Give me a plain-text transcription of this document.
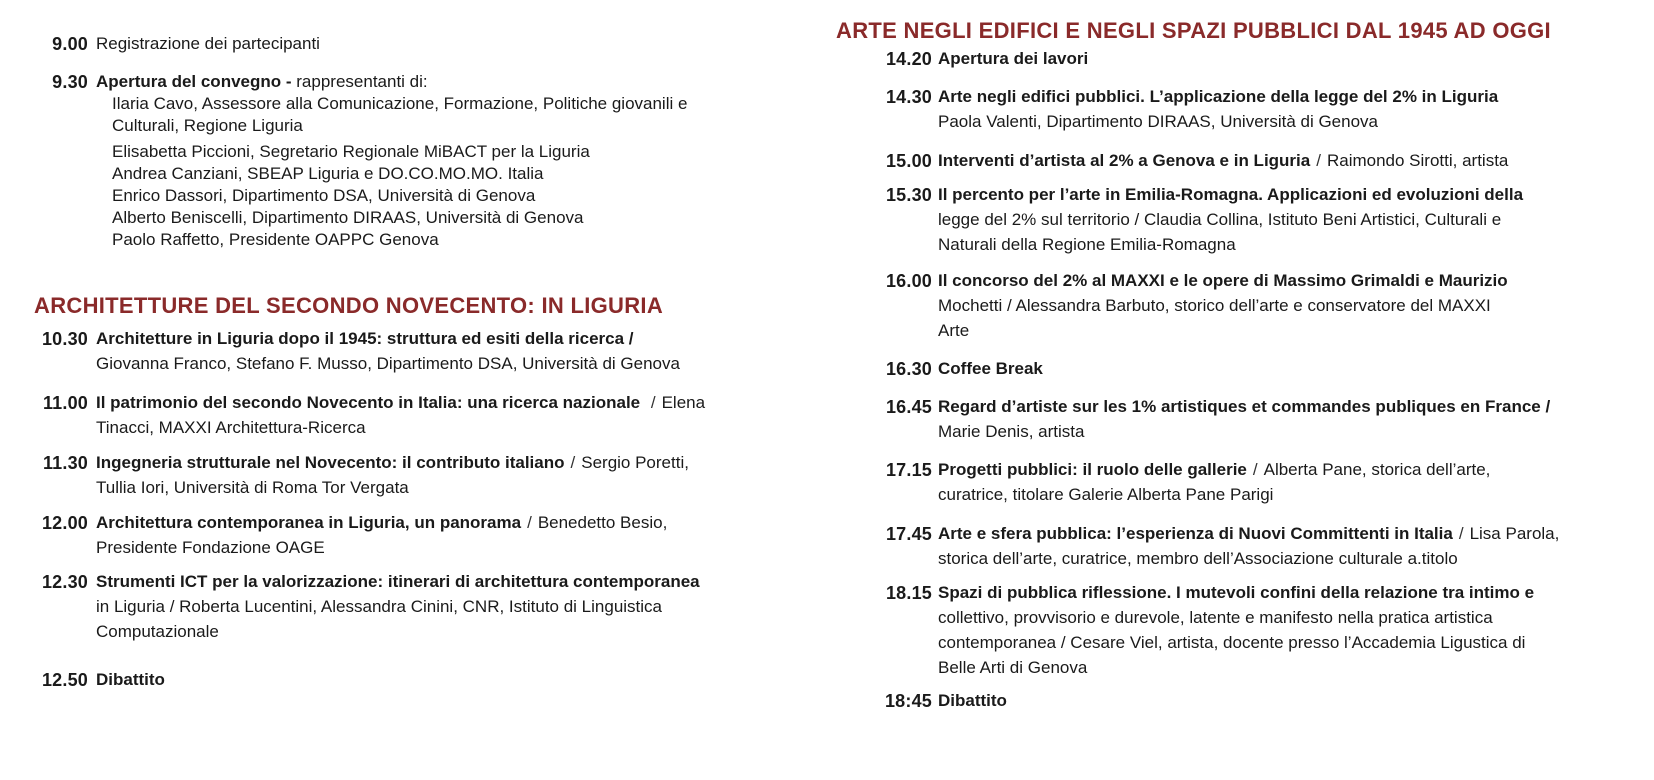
9.00 Registrazione dei partecipanti
9.30 Apertura del convegno - rappresentanti di:
Ilaria Cavo, Assessore alla Comunicazione, Formazione, Politiche giovanili e
Culturali, Regione Liguria
Elisabetta Piccioni, Segretario Regionale MiBACT per la Liguria
Andrea Canziani, SBEAP Liguria e DO.CO.MO.MO. Italia
Enrico Dassori, Dipartimento DSA, Università di Genova
Alberto Beniscelli, Dipartimento DIRAAS, Università di Genova
Paolo Raffetto, Presidente OAPPC Genova
ARCHITETTURE DEL SECONDO NOVECENTO: IN LIGURIA
10.30 Architetture in Liguria dopo il 1945: struttura ed esiti della ricerca /
Giovanna Franco, Stefano F. Musso, Dipartimento DSA, Università di Genova
11.00 Il patrimonio del secondo Novecento in Italia: una ricerca nazionale / Elena
Tinacci, MAXXI Architettura-Ricerca
11.30 Ingegneria strutturale nel Novecento: il contributo italiano / Sergio Poretti,
Tullia Iori, Università di Roma Tor Vergata
12.00 Architettura contemporanea in Liguria, un panorama / Benedetto Besio,
Presidente Fondazione OAGE
12.30 Strumenti ICT per la valorizzazione: itinerari di architettura contemporanea
in Liguria / Roberta Lucentini, Alessandra Cinini, CNR, Istituto di Linguistica
Computazionale
12.50 Dibattito
ARTE NEGLI EDIFICI E NEGLI SPAZI PUBBLICI DAL 1945 AD OGGI
14.20 Apertura dei lavori
14.30 Arte negli edifici pubblici. L’applicazione della legge del 2% in Liguria
Paola Valenti, Dipartimento DIRAAS, Università di Genova
15.00 Interventi d’artista al 2% a Genova e in Liguria / Raimondo Sirotti, artista
15.30 Il percento per l’arte in Emilia-Romagna. Applicazioni ed evoluzioni della
legge del 2% sul territorio / Claudia Collina, Istituto Beni Artistici, Culturali e
Naturali della Regione Emilia-Romagna
16.00 Il concorso del 2% al MAXXI e le opere di Massimo Grimaldi e Maurizio
Mochetti / Alessandra Barbuto, storico dell’arte e conservatore del MAXXI
Arte
16.30 Coffee Break
16.45 Regard d’artiste sur les 1% artistiques et commandes publiques en France /
Marie Denis, artista
17.15 Progetti pubblici: il ruolo delle gallerie / Alberta Pane, storica dell’arte,
curatrice, titolare Galerie Alberta Pane Parigi
17.45 Arte e sfera pubblica: l’esperienza di Nuovi Committenti in Italia / Lisa Parola,
storica dell’arte, curatrice, membro dell’Associazione culturale a.titolo
18.15 Spazi di pubblica riflessione. I mutevoli confini della relazione tra intimo e
collettivo, provvisorio e durevole, latente e manifesto nella pratica artistica
contemporanea / Cesare Viel, artista, docente presso l’Accademia Ligustica di
Belle Arti di Genova
18:45 Dibattito
